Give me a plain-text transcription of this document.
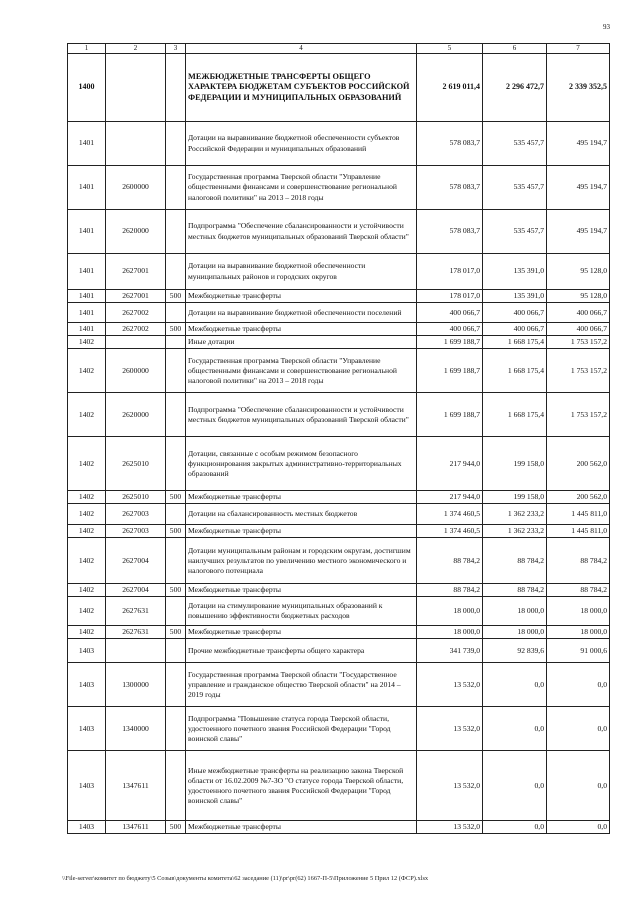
93
1	2	3	4	5	6	7
1400			МЕЖБЮДЖЕТНЫЕ ТРАНСФЕРТЫ ОБЩЕГО ХАРАКТЕРА БЮДЖЕТАМ СУБЪЕКТОВ РОССИЙСКОЙ ФЕДЕРАЦИИ И МУНИЦИПАЛЬНЫХ ОБРАЗОВАНИЙ	2 619 011,4	2 296 472,7	2 339 352,5
1401			Дотации на выравнивание бюджетной обеспеченности субъектов Российской Федерации и муниципальных образований	578 083,7	535 457,7	495 194,7
1401	2600000		Государственная программа Тверской области "Управление общественными финансами и совершенствование региональной налоговой политики" на 2013 – 2018 годы	578 083,7	535 457,7	495 194,7
1401	2620000		Подпрограмма "Обеспечение сбалансированности и устойчивости местных бюджетов муниципальных образований Тверской области"	578 083,7	535 457,7	495 194,7
1401	2627001		Дотации на выравнивание бюджетной обеспеченности муниципальных районов и городских округов	178 017,0	135 391,0	95 128,0
1401	2627001	500	Межбюджетные трансферты	178 017,0	135 391,0	95 128,0
1401	2627002		Дотации на выравнивание бюджетной обеспеченности поселений	400 066,7	400 066,7	400 066,7
1401	2627002	500	Межбюджетные трансферты	400 066,7	400 066,7	400 066,7
1402			Иные дотации	1 699 188,7	1 668 175,4	1 753 157,2
1402	2600000		Государственная программа Тверской области "Управление общественными финансами и совершенствование региональной налоговой политики" на 2013 – 2018 годы	1 699 188,7	1 668 175,4	1 753 157,2
1402	2620000		Подпрограмма "Обеспечение сбалансированности и устойчивости местных бюджетов муниципальных образований Тверской области"	1 699 188,7	1 668 175,4	1 753 157,2
1402	2625010		Дотации, связанные с особым режимом безопасного функционирования закрытых административно-территориальных образований	217 944,0	199 158,0	200 562,0
1402	2625010	500	Межбюджетные трансферты	217 944,0	199 158,0	200 562,0
1402	2627003		Дотации на сбалансированность местных бюджетов	1 374 460,5	1 362 233,2	1 445 811,0
1402	2627003	500	Межбюджетные трансферты	1 374 460,5	1 362 233,2	1 445 811,0
1402	2627004		Дотации муниципальным районам и городским округам, достигшим наилучших результатов по увеличению местного экономического и налогового потенциала	88 784,2	88 784,2	88 784,2
1402	2627004	500	Межбюджетные трансферты	88 784,2	88 784,2	88 784,2
1402	2627631		Дотации на стимулирование муниципальных образований к повышению эффективности бюджетных расходов	18 000,0	18 000,0	18 000,0
1402	2627631	500	Межбюджетные трансферты	18 000,0	18 000,0	18 000,0
1403			Прочие межбюджетные трансферты общего характера	341 739,0	92 839,6	91 000,6
1403	1300000		Государственная программа Тверской области "Государственное управление и гражданское общество Тверской области" на 2014 – 2019 годы	13 532,0	0,0	0,0
1403	1340000		Подпрограмма "Повышение статуса города Тверской области, удостоенного почетного звания Российской Федерации "Город воинской славы"	13 532,0	0,0	0,0
1403	1347611		Иные межбюджетные трансферты на реализацию закона Тверской области от 16.02.2009 №7-ЗО "О статусе города Тверской области, удостоенного почетного звания Российской Федерации "Город воинской славы"	13 532,0	0,0	0,0
1403	1347611	500	Межбюджетные трансферты	13 532,0	0,0	0,0
\\File-server\комитет по бюджету\5 Созыв\документы комитета\62 заседание (11)\pr\pr(62) 1667-П-5\Приложение 5 Прил 12 (ФСР).xlsx
